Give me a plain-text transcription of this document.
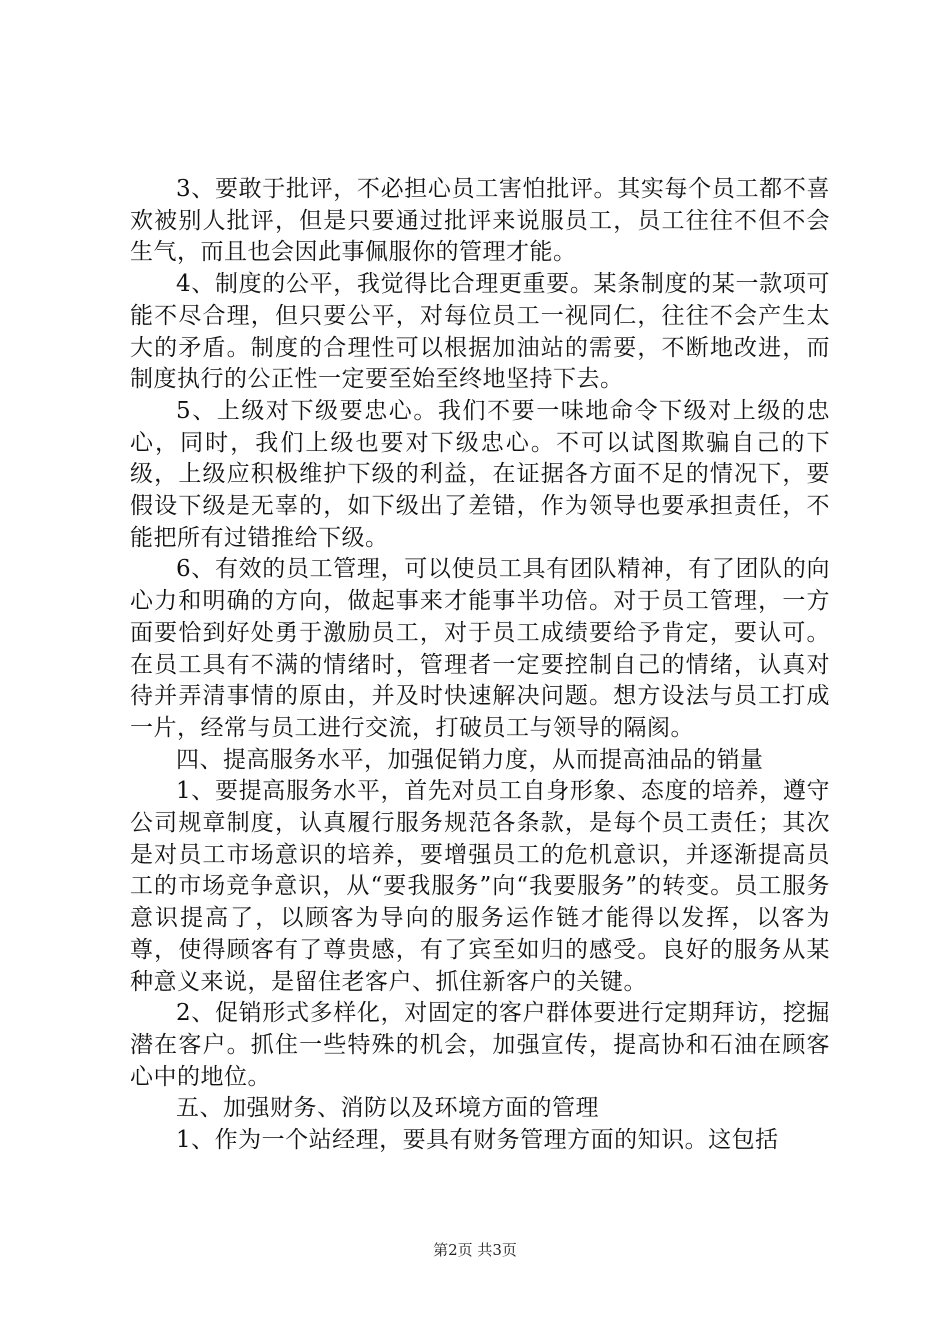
3、要敢于批评，不必担心员工害怕批评。其实每个员工都不喜欢被别人批评，但是只要通过批评来说服员工，员工往往不但不会生气，而且也会因此事佩服你的管理才能。

4、制度的公平，我觉得比合理更重要。某条制度的某一款项可能不尽合理，但只要公平，对每位员工一视同仁，往往不会产生太大的矛盾。制度的合理性可以根据加油站的需要，不断地改进，而制度执行的公正性一定要至始至终地坚持下去。

5、上级对下级要忠心。我们不要一味地命令下级对上级的忠心，同时，我们上级也要对下级忠心。不可以试图欺骗自己的下级，上级应积极维护下级的利益，在证据各方面不足的情况下，要假设下级是无辜的，如下级出了差错，作为领导也要承担责任，不能把所有过错推给下级。

6、有效的员工管理，可以使员工具有团队精神，有了团队的向心力和明确的方向，做起事来才能事半功倍。对于员工管理，一方面要恰到好处勇于激励员工，对于员工成绩要给予肯定，要认可。在员工具有不满的情绪时，管理者一定要控制自己的情绪，认真对待并弄清事情的原由，并及时快速解决问题。想方设法与员工打成一片，经常与员工进行交流，打破员工与领导的隔阂。

四、提高服务水平，加强促销力度，从而提高油品的销量

1、要提高服务水平，首先对员工自身形象、态度的培养，遵守公司规章制度，认真履行服务规范各条款，是每个员工责任；其次是对员工市场意识的培养，要增强员工的危机意识，并逐渐提高员工的市场竞争意识，从“要我服务”向“我要服务”的转变。员工服务意识提高了，以顾客为导向的服务运作链才能得以发挥，以客为尊，使得顾客有了尊贵感，有了宾至如归的感受。良好的服务从某种意义来说，是留住老客户、抓住新客户的关键。

2、促销形式多样化，对固定的客户群体要进行定期拜访，挖掘潜在客户。抓住一些特殊的机会，加强宣传，提高协和石油在顾客心中的地位。

五、加强财务、消防以及环境方面的管理

1、作为一个站经理，要具有财务管理方面的知识。这包括

第2页 共3页
